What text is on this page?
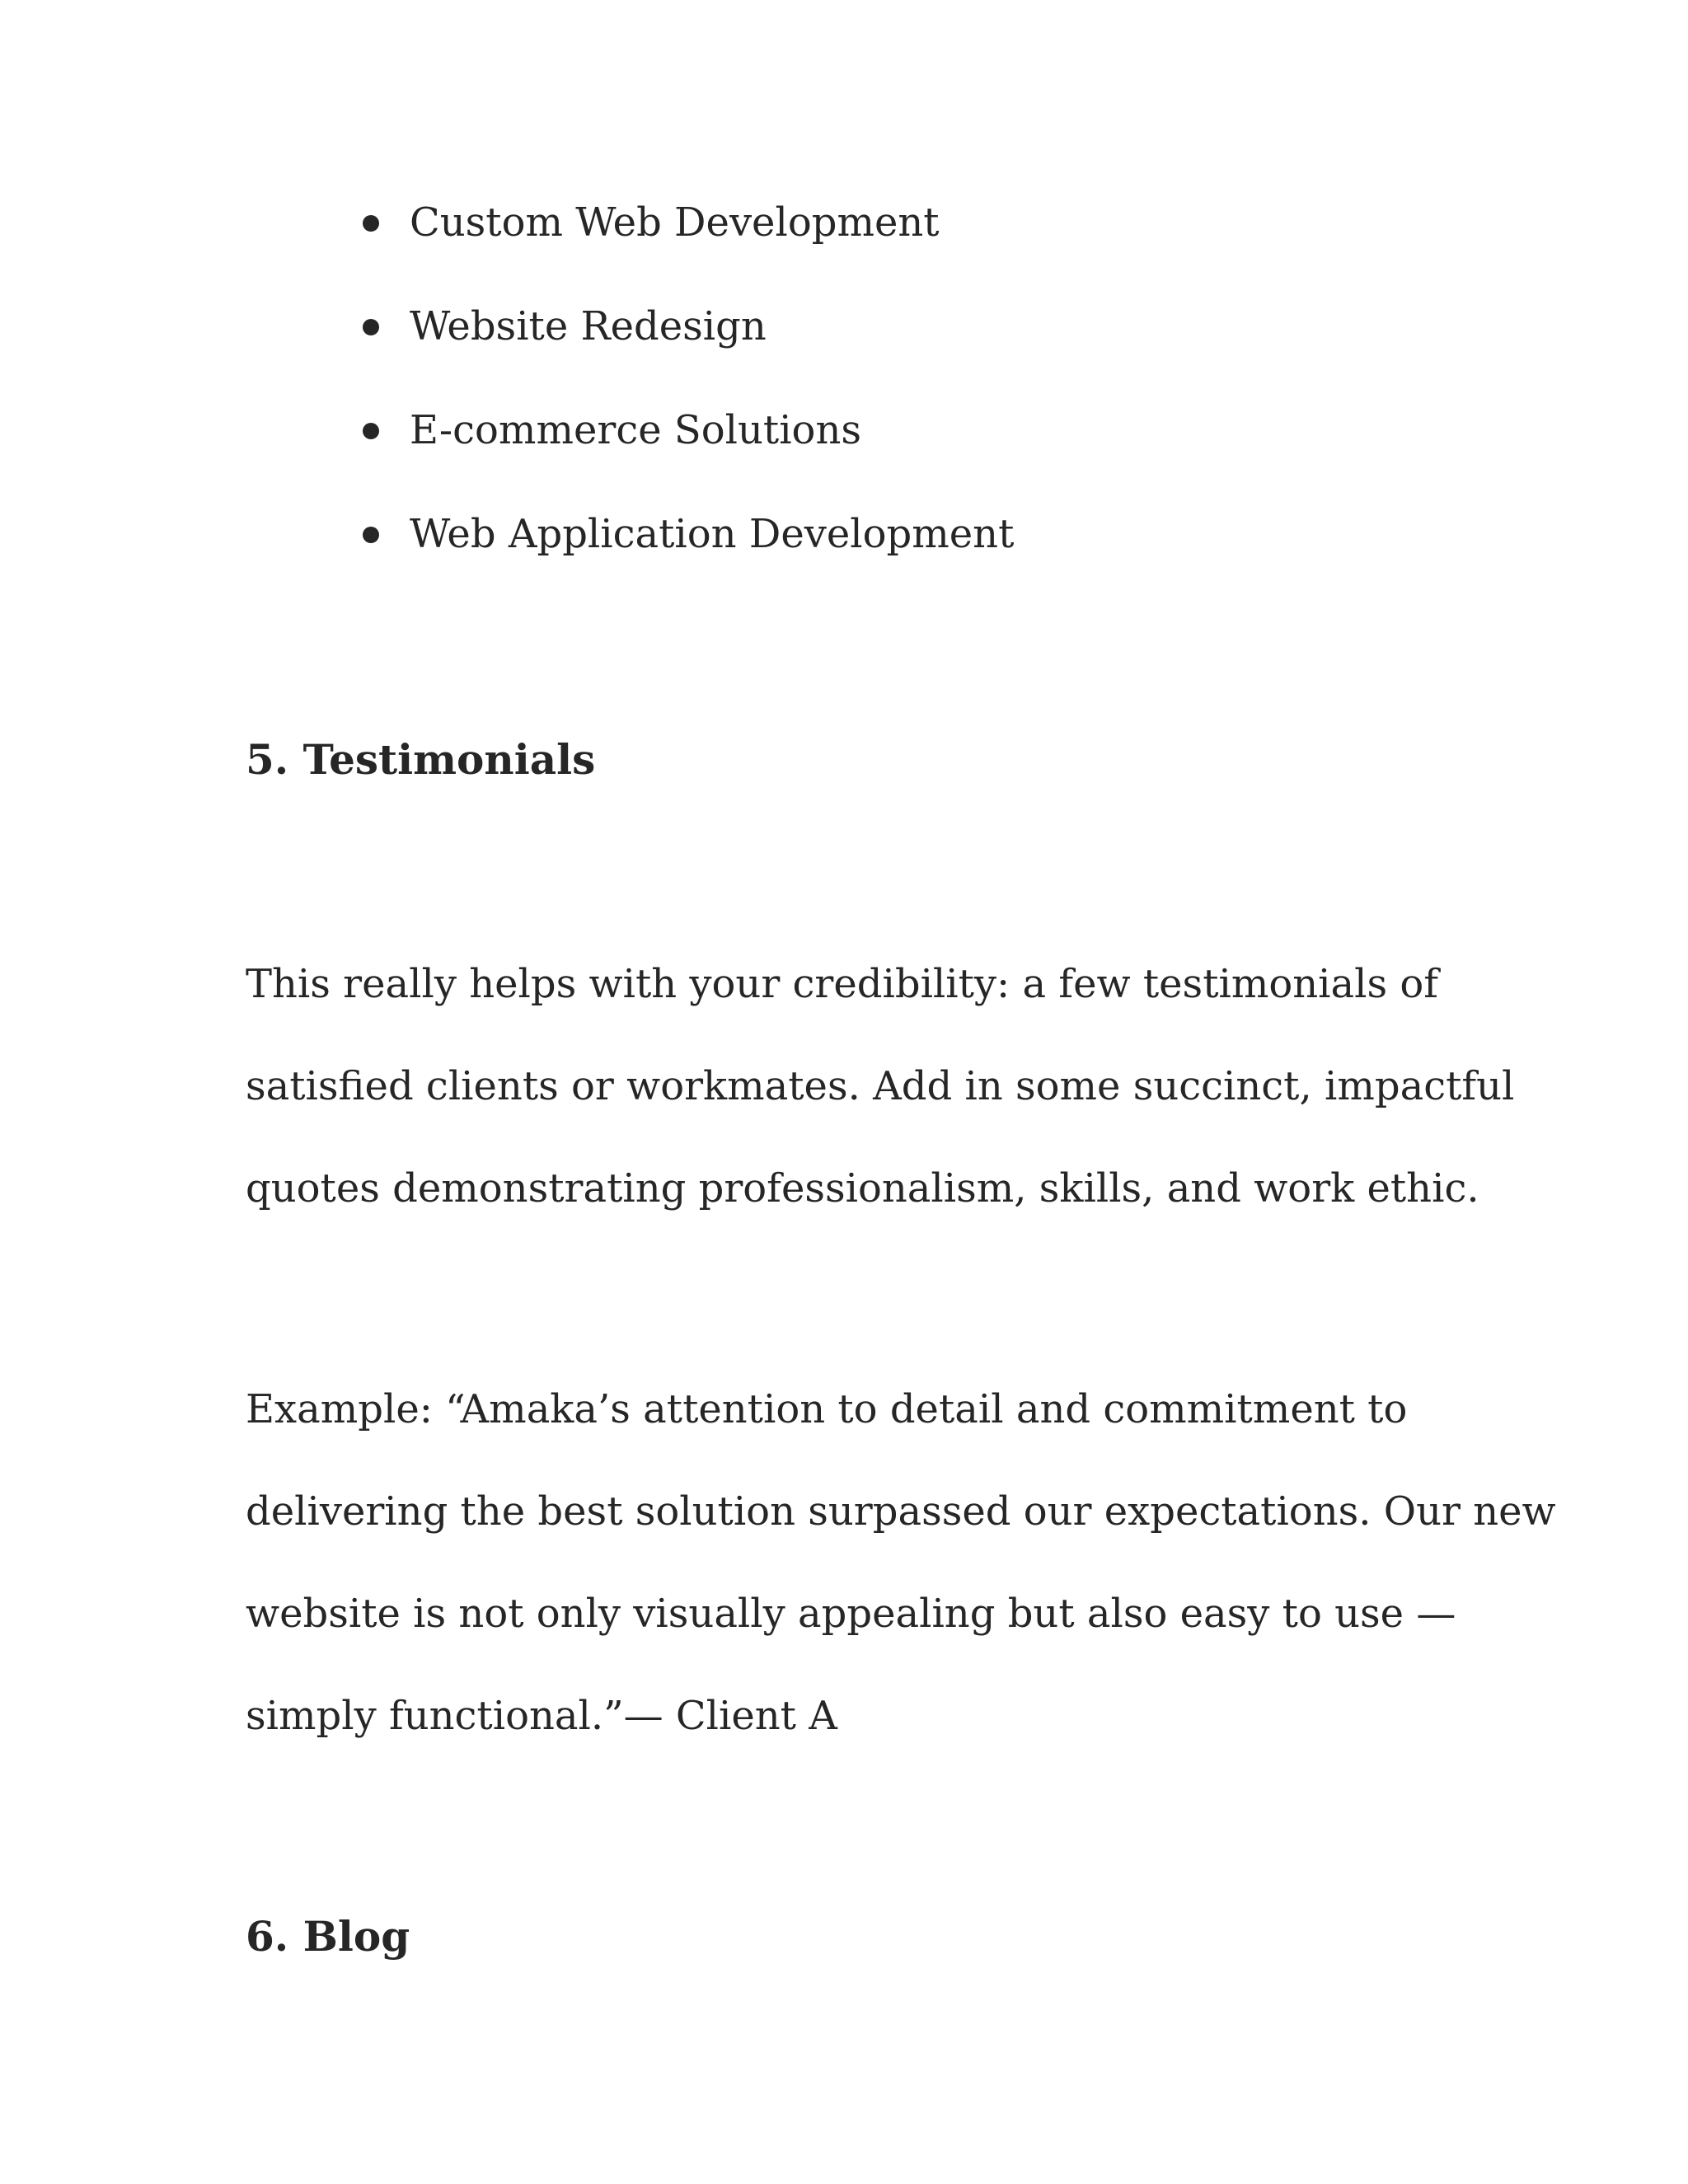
Custom Web Development
Website Redesign
E-commerce Solutions
Web Application Development
5. Testimonials

This really helps with your credibility: a few testimonials of
satisfied clients or workmates. Add in some succinct, impactful
quotes demonstrating professionalism, skills, and work ethic.

Example: “Amaka’s attention to detail and commitment to
delivering the best solution surpassed our expectations. Our new
website is not only visually appealing but also easy to use —
simply functional.”— Client A

6. Blog
